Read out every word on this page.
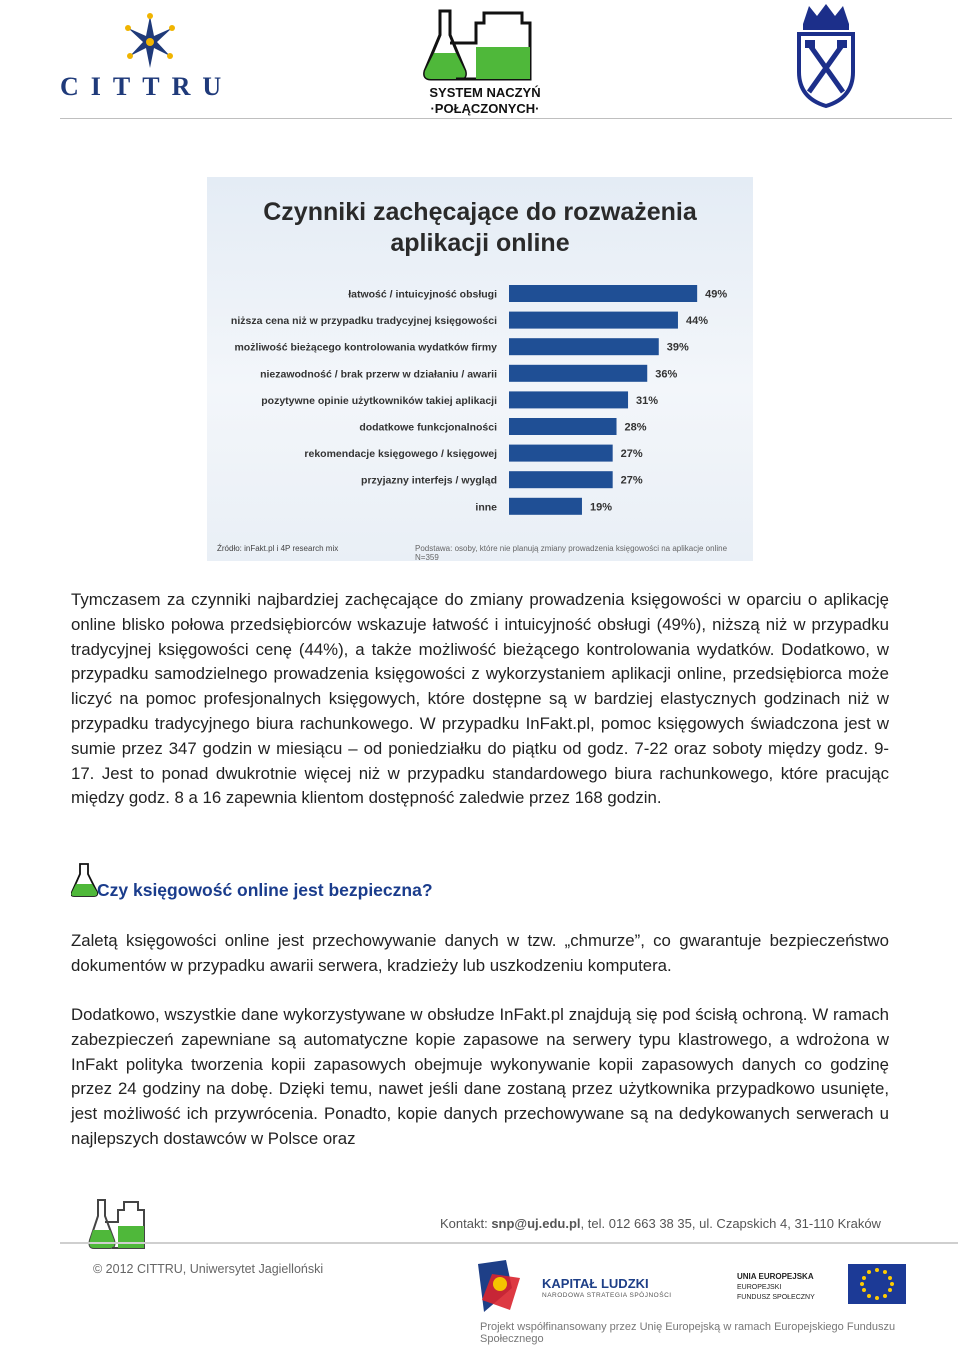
CITTRU	SYSTEM NACZYŃ
·POŁĄCZONYCH·
Czynniki zachęcające do rozważenia
aplikacji online
łatwość / intuicyjność obsługi	49%
niższa cena niż w przypadku tradycyjnej księgowości	44%
możliwość bieżącego kontrolowania wydatków firmy	39%
niezawodność / brak przerw w działaniu / awarii	36%
pozytywne opinie użytkowników takiej aplikacji	31%
dodatkowe funkcjonalności	28%
rekomendacje księgowego / księgowej	27%
przyjazny interfejs / wygląd	27%
inne	19%
Źródło: inFakt.pl i 4P research mix	Podstawa: osoby, które nie planują zmiany prowadzenia księgowości na aplikacje online N=359

Tymczasem za czynniki najbardziej zachęcające do zmiany prowadzenia księgowości w oparciu o aplikację online blisko połowa przedsiębiorców wskazuje łatwość i intuicyjność obsługi (49%), niższą niż w przypadku tradycyjnej księgowości cenę (44%), a także możliwość bieżącego kontrolowania wydatków. Dodatkowo, w przypadku samodzielnego prowadzenia księgowości z wykorzystaniem aplikacji online, przedsiębiorca może liczyć na pomoc profesjonalnych księgowych, które dostępne są w bardziej elastycznych godzinach niż w przypadku tradycyjnego biura rachunkowego. W przypadku InFakt.pl, pomoc księgowych świadczona jest w sumie przez 347 godzin w miesiącu – od poniedziałku do piątku od godz. 7-22 oraz soboty między godz. 9-17. Jest to ponad dwukrotnie więcej niż w przypadku standardowego biura rachunkowego, które pracując między godz. 8 a 16 zapewnia klientom dostępność zaledwie przez 168 godzin.

Czy księgowość online jest bezpieczna?

Zaletą księgowości online jest przechowywanie danych w tzw. „chmurze”, co gwarantuje bezpieczeństwo dokumentów w przypadku awarii serwera, kradzieży lub uszkodzeniu komputera.

Dodatkowo, wszystkie dane wykorzystywane w obsłudze InFakt.pl znajdują się pod ścisłą ochroną. W ramach zabezpieczeń zapewniane są automatyczne kopie zapasowe na serwery typu klastrowego, a wdrożona w InFakt polityka tworzenia kopii zapasowych obejmuje wykonywanie kopii zapasowych danych co godzinę przez 24 godziny na dobę. Dzięki temu, nawet jeśli dane zostaną przez użytkownika przypadkowo usunięte, jest możliwość ich przywrócenia. Ponadto, kopie danych przechowywane są na dedykowanych serwerach u najlepszych dostawców w Polsce oraz

Kontakt: snp@uj.edu.pl, tel. 012 663 38 35, ul. Czapskich 4, 31-110 Kraków
© 2012 CITTRU, Uniwersytet Jagielloński
KAPITAŁ LUDZKI
NARODOWA STRATEGIA SPÓJNOŚCI
UNIA EUROPEJSKA
EUROPEJSKI
FUNDUSZ SPOŁECZNY
Projekt współfinansowany przez Unię Europejską w ramach Europejskiego Funduszu Społecznego
